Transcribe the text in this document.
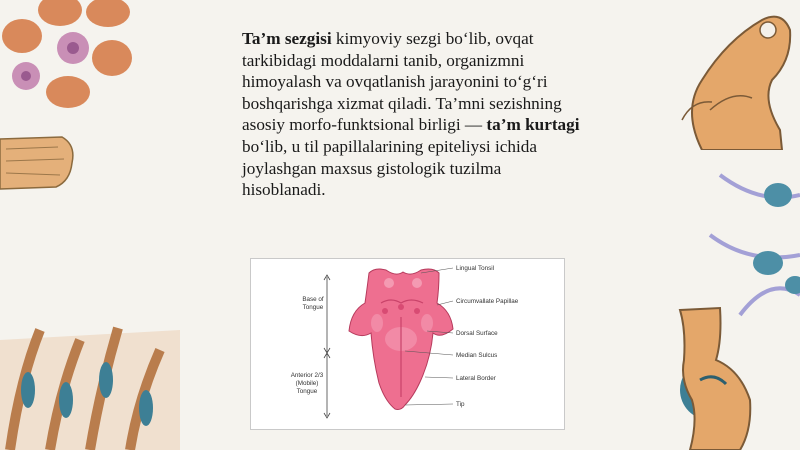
Ta’m sezgisi kimyoviy sezgi bo‘lib, ovqat tarkibidagi moddalarni tanib, organizmni himoyalash va ovqatlanish jarayonini to‘g‘ri boshqarishga xizmat qiladi. Ta’mni sezishning asosiy morfo-funktsional birligi — ta’m kurtagi bo‘lib, u til papillalarining epiteliysi ichida joylashgan maxsus gistologik tuzilma hisoblanadi.
Base of
Tongue
Anterior 2/3
(Mobile)
Tongue
Lingual Tonsil
Circumvallate Papillae
Dorsal Surface
Median Sulcus
Lateral Border
Tip
